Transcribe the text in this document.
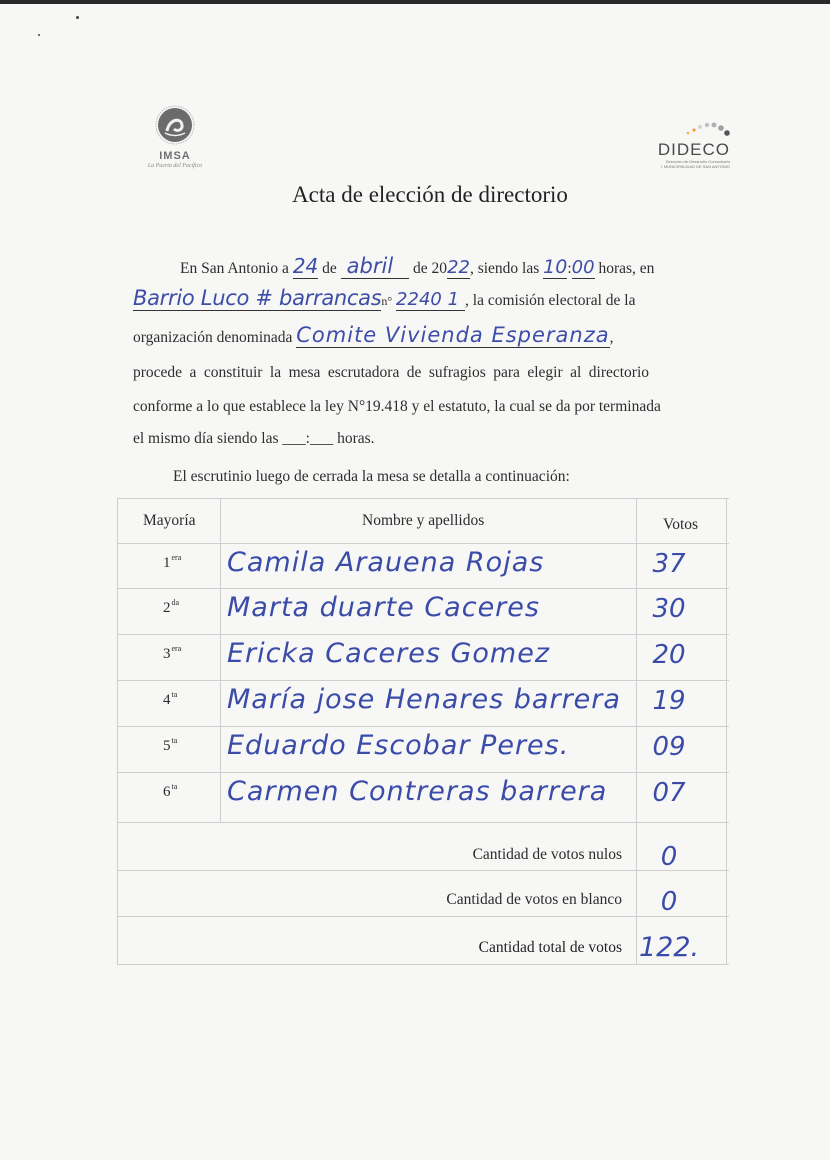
IMSA
La Puerta del Pacífico
DIDECO
Dirección de Desarrollo Comunitario
I. MUNICIPALIDAD DE SAN ANTONIO
Acta de elección de directorio
En San Antonio a 24 de abril de 2022, siendo las 10:00 horas, en
Barrio Luco # barrancasn° 2240 1 , la comisión electoral de la
organización denominada Comite Vivienda Esperanza,
procede a constituir la mesa escrutadora de sufragios para elegir al directorio
conforme a lo que establece la ley N°19.418 y el estatuto, la cual se da por terminada
el mismo día siendo las ___:___ horas.
El escrutinio luego de cerrada la mesa se detalla a continuación:
Mayoría	Nombre y apellidos	Votos
$1^{era}$ Camila Arauena Rojas	37
$2^{da}$ Marta duarte Caceres	30
$3^{era}$ Ericka Caceres Gomez	20
$4^{ta}$ María jose Henares barrera	19
$5^{ta}$ Eduardo Escobar Peres.	09
$6^{ta}$ Carmen Contreras barrera	07
Cantidad de votos nulos	0
Cantidad de votos en blanco	0
Cantidad total de votos 122.
